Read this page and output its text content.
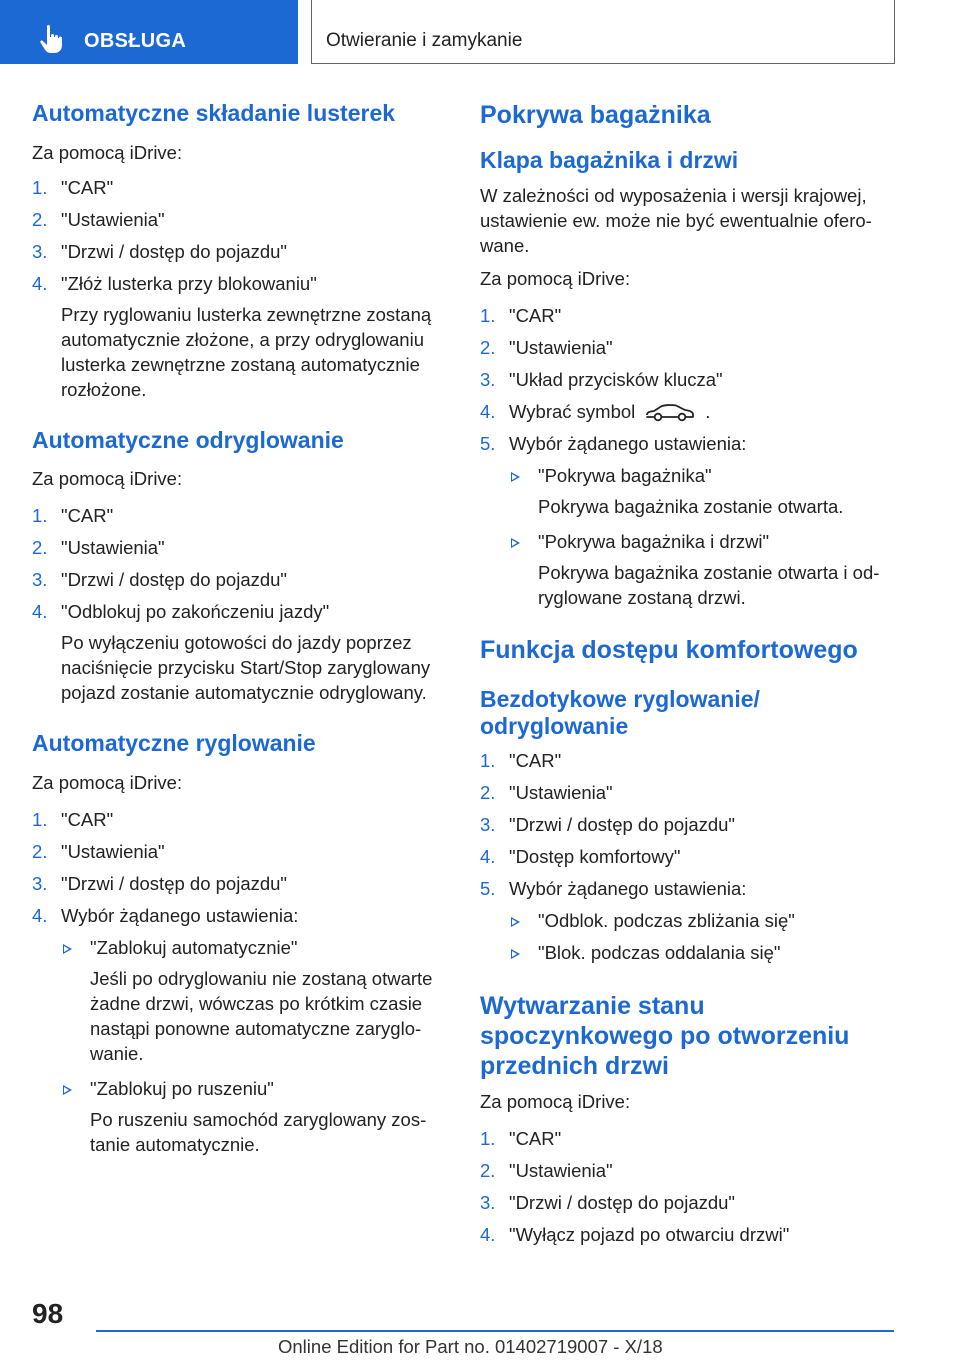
OBSŁUGA	Otwieranie i zamykanie
Automatyczne składanie lusterek

Za pomocą iDrive:

1. "CAR"
2. "Ustawienia"
3. "Drzwi / dostęp do pojazdu"
4. "Złóż lusterka przy blokowaniu"
Przy ryglowaniu lusterka zewnętrzne zostaną automatycznie złożone, a przy odryglowaniu lusterka zewnętrzne zostaną automatycznie rozłożone.
Automatyczne odryglowanie

Za pomocą iDrive:

1. "CAR"
2. "Ustawienia"
3. "Drzwi / dostęp do pojazdu"
4. "Odblokuj po zakończeniu jazdy"
Po wyłączeniu gotowości do jazdy poprzez naciśnięcie przycisku Start/Stop zaryglowany pojazd zostanie automatycznie odryglowany.
Automatyczne ryglowanie

Za pomocą iDrive:

1. "CAR"
2. "Ustawienia"
3. "Drzwi / dostęp do pojazdu"
4. Wybór żądanego ustawienia:
"Zablokuj automatycznie"
Jeśli po odryglowaniu nie zostaną otwarte żadne drzwi, wówczas po krótkim czasie nastąpi ponowne automatyczne zaryglowanie.
"Zablokuj po ruszeniu"
Po ruszeniu samochód zaryglowany zostanie automatycznie.
Pokrywa bagażnika
Klapa bagażnika i drzwi

W zależności od wyposażenia i wersji krajowej, ustawienie ew. może nie być ewentualnie oferowane.

Za pomocą iDrive:

1. "CAR"
2. "Ustawienia"
3. "Układ przycisków klucza"
4. Wybrać symbol	.
5. Wybór żądanego ustawienia:
"Pokrywa bagażnika"
Pokrywa bagażnika zostanie otwarta.
"Pokrywa bagażnika i drzwi"
Pokrywa bagażnika zostanie otwarta i odryglowane zostaną drzwi.
Funkcja dostępu komfortowego
Bezdotykowe ryglowanie/ odryglowanie
1. "CAR"
2. "Ustawienia"
3. "Drzwi / dostęp do pojazdu"
4. "Dostęp komfortowy"
5. Wybór żądanego ustawienia:
"Odblok. podczas zbliżania się"
"Blok. podczas oddalania się"
Wytwarzanie stanu spoczynkowego po otworzeniu przednich drzwi

Za pomocą iDrive:

1. "CAR"
2. "Ustawienia"
3. "Drzwi / dostęp do pojazdu"
4. "Wyłącz pojazd po otwarciu drzwi"
98
Online Edition for Part no. 01402719007 - X/18
